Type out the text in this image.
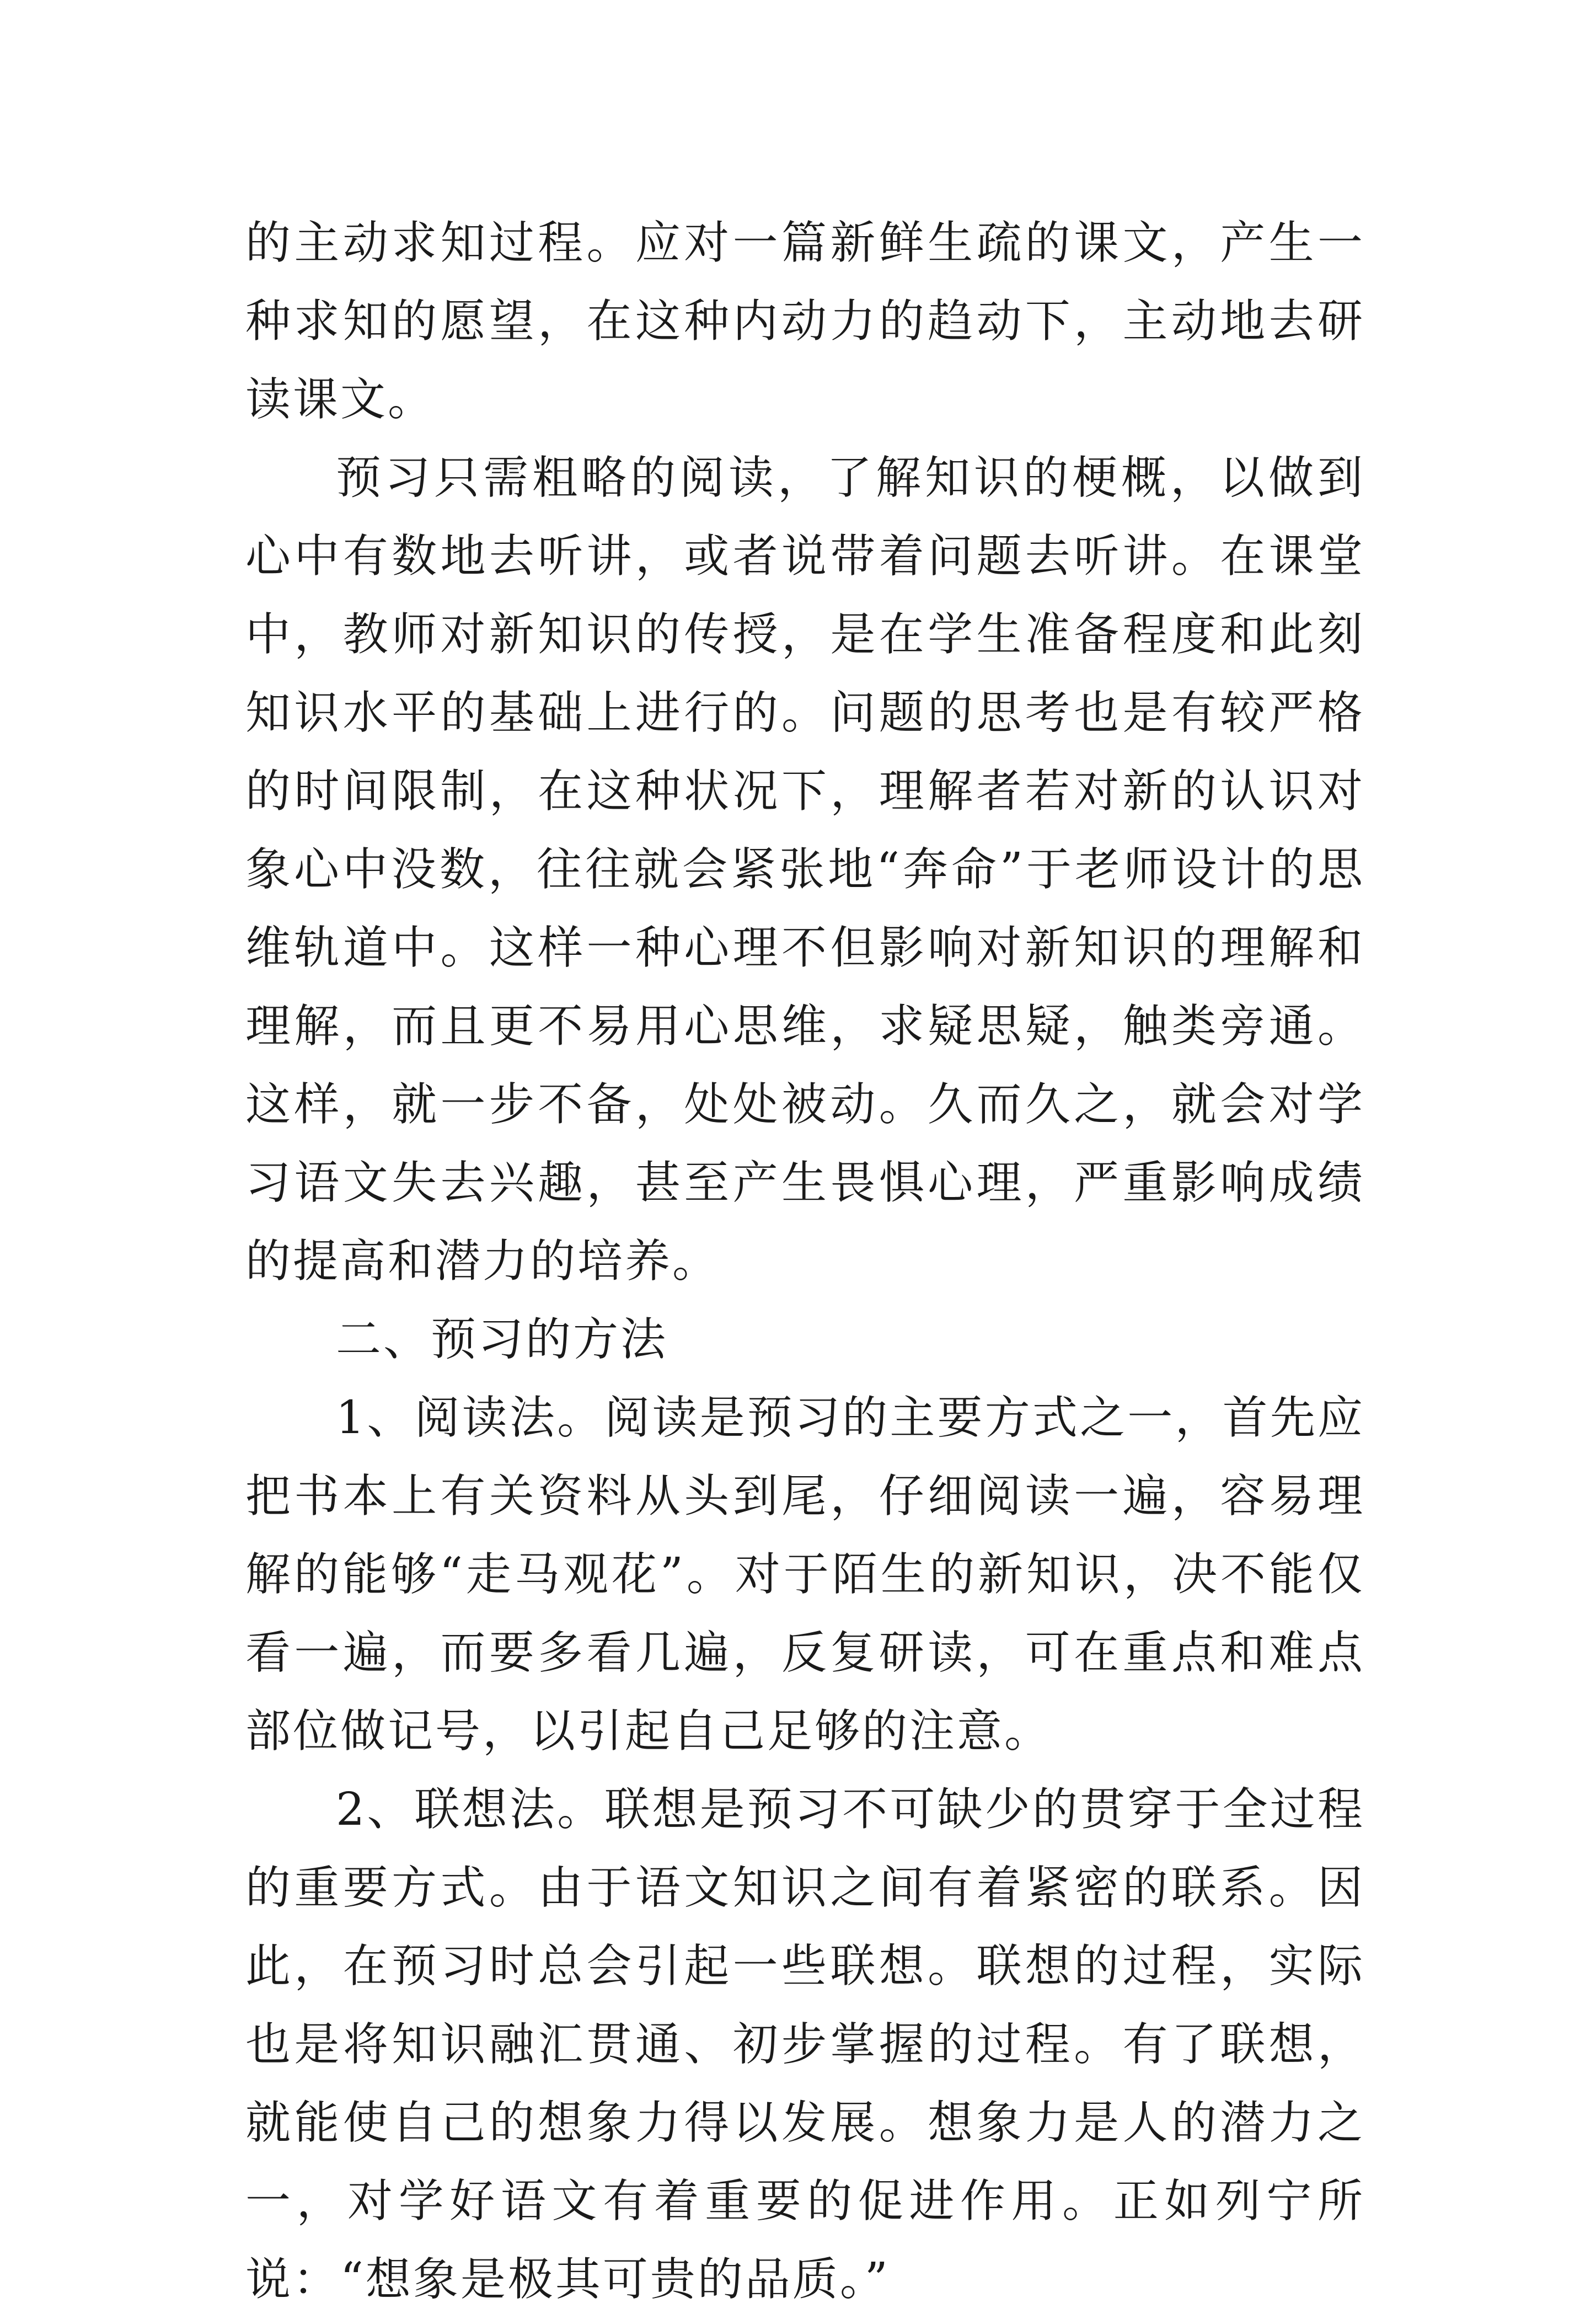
的主动求知过程。应对一篇新鲜生疏的课文，产生一种求知的愿望，在这种内动力的趋动下，主动地去研读课文。

预习只需粗略的阅读，了解知识的梗概，以做到心中有数地去听讲，或者说带着问题去听讲。在课堂中，教师对新知识的传授，是在学生准备程度和此刻知识水平的基础上进行的。问题的思考也是有较严格的时间限制，在这种状况下，理解者若对新的认识对象心中没数，往往就会紧张地“奔命”于老师设计的思维轨道中。这样一种心理不但影响对新知识的理解和理解，而且更不易用心思维，求疑思疑，触类旁通。这样，就一步不备，处处被动。久而久之，就会对学习语文失去兴趣，甚至产生畏惧心理，严重影响成绩的提高和潜力的培养。

二、预习的方法

1、阅读法。阅读是预习的主要方式之一，首先应把书本上有关资料从头到尾，仔细阅读一遍，容易理解的能够“走马观花”。对于陌生的新知识，决不能仅看一遍，而要多看几遍，反复研读，可在重点和难点部位做记号，以引起自己足够的注意。

2、联想法。联想是预习不可缺少的贯穿于全过程的重要方式。由于语文知识之间有着紧密的联系。因此，在预习时总会引起一些联想。联想的过程，实际也是将知识融汇贯通、初步掌握的过程。有了联想，就能使自己的想象力得以发展。想象力是人的潜力之一，对学好语文有着重要的促进作用。正如列宁所说：“想象是极其可贵的品质。”
